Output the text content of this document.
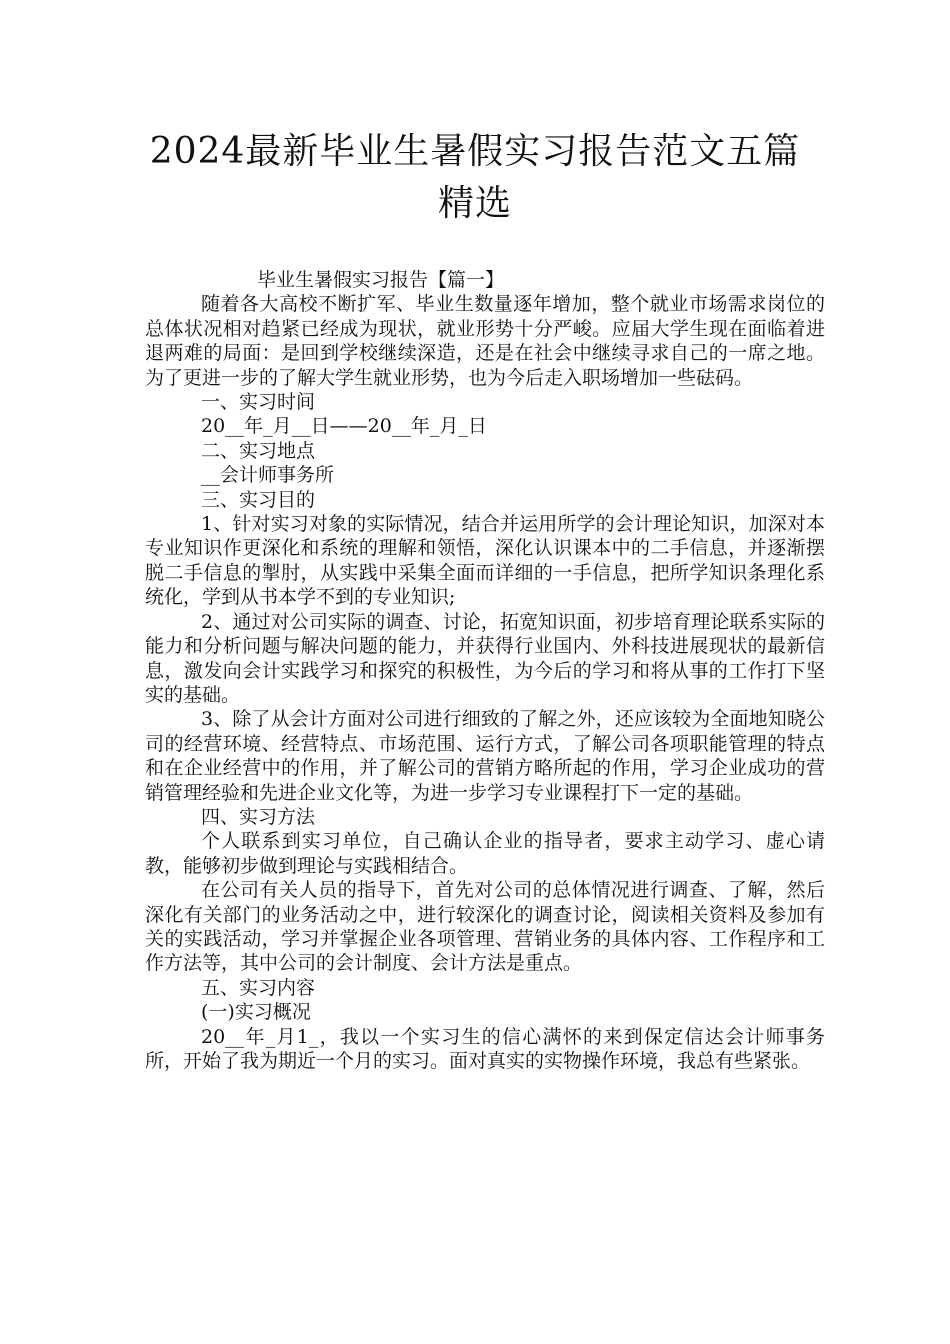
2024最新毕业生暑假实习报告范文五篇精选

毕业生暑假实习报告【篇一】

随着各大高校不断扩军、毕业生数量逐年增加，整个就业市场需求岗位的总体状况相对趋紧已经成为现状，就业形势十分严峻。应届大学生现在面临着进退两难的局面：是回到学校继续深造，还是在社会中继续寻求自己的一席之地。为了更进一步的了解大学生就业形势，也为今后走入职场增加一些砝码。

一、实习时间

20__年_月__日——20__年_月_日

二、实习地点

__会计师事务所

三、实习目的

1、针对实习对象的实际情况，结合并运用所学的会计理论知识，加深对本专业知识作更深化和系统的理解和领悟，深化认识课本中的二手信息，并逐渐摆脱二手信息的掣肘，从实践中采集全面而详细的一手信息，把所学知识条理化系统化，学到从书本学不到的专业知识;

2、通过对公司实际的调查、讨论，拓宽知识面，初步培育理论联系实际的能力和分析问题与解决问题的能力，并获得行业国内、外科技进展现状的最新信息，激发向会计实践学习和探究的积极性，为今后的学习和将从事的工作打下坚实的基础。

3、除了从会计方面对公司进行细致的了解之外，还应该较为全面地知晓公司的经营环境、经营特点、市场范围、运行方式，了解公司各项职能管理的特点和在企业经营中的作用，并了解公司的营销方略所起的作用，学习企业成功的营销管理经验和先进企业文化等，为进一步学习专业课程打下一定的基础。

四、实习方法

个人联系到实习单位，自己确认企业的指导者，要求主动学习、虚心请教，能够初步做到理论与实践相结合。

在公司有关人员的指导下，首先对公司的总体情况进行调查、了解，然后深化有关部门的业务活动之中，进行较深化的调查讨论，阅读相关资料及参加有关的实践活动，学习并掌握企业各项管理、营销业务的具体内容、工作程序和工作方法等，其中公司的会计制度、会计方法是重点。

五、实习内容

(一)实习概况

20__年_月1_，我以一个实习生的信心满怀的来到保定信达会计师事务所，开始了我为期近一个月的实习。面对真实的实物操作环境，我总有些紧张。
